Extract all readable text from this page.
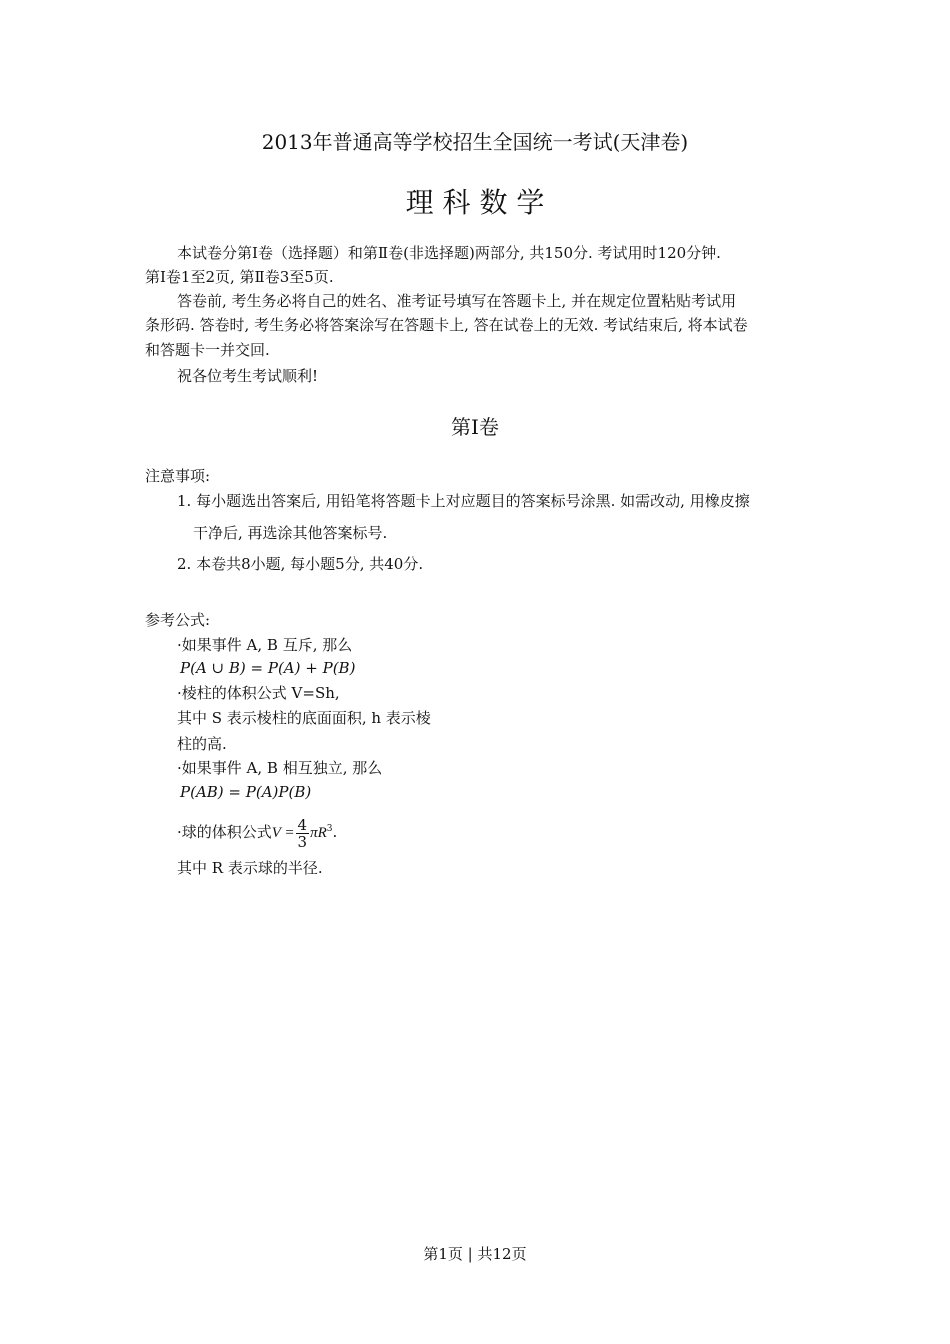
2013年普通高等学校招生全国统一考试(天津卷)
理 科 数 学
本试卷分第Ⅰ卷（选择题）和第Ⅱ卷(非选择题)两部分, 共150分. 考试用时120分钟.
第Ⅰ卷1至2页, 第Ⅱ卷3至5页.
答卷前, 考生务必将自己的姓名、准考证号填写在答题卡上, 并在规定位置粘贴考试用
条形码. 答卷时, 考生务必将答案涂写在答题卡上, 答在试卷上的无效. 考试结束后, 将本试卷
和答题卡一并交回.
祝各位考生考试顺利!
第Ⅰ卷
注意事项:
1. 每小题选出答案后, 用铅笔将答题卡上对应题目的答案标号涂黑. 如需改动, 用橡皮擦
干净后, 再选涂其他答案标号.
2. 本卷共8小题, 每小题5分, 共40分.
参考公式:
·如果事件 A, B 互斥, 那么
P(A ∪ B) = P(A) + P(B)
·棱柱的体积公式 V=Sh,
其中 S 表示棱柱的底面面积, h 表示棱
柱的高.
·如果事件 A, B 相互独立, 那么
P(AB) = P(A)P(B)
·球的体积公式$V = \frac{4}{3} \pi R^3$.
其中 R 表示球的半径.
第1页 | 共12页
